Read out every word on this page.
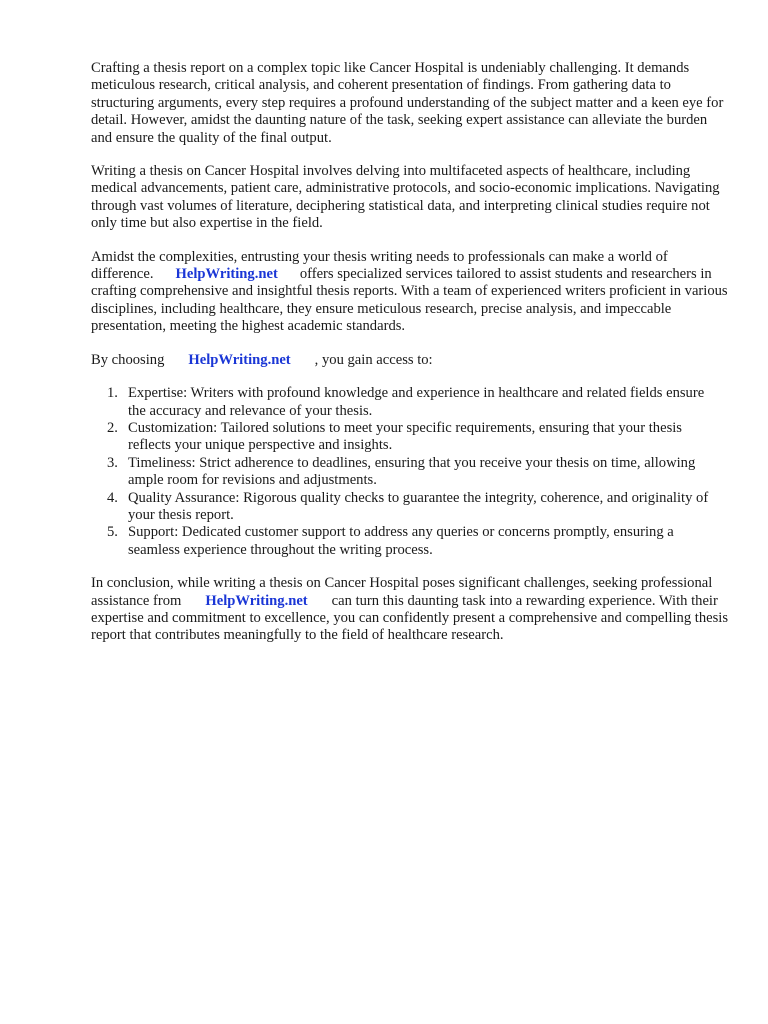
Crafting a thesis report on a complex topic like Cancer Hospital is undeniably challenging. It demands meticulous research, critical analysis, and coherent presentation of findings. From gathering data to structuring arguments, every step requires a profound understanding of the subject matter and a keen eye for detail. However, amidst the daunting nature of the task, seeking expert assistance can alleviate the burden and ensure the quality of the final output.

Writing a thesis on Cancer Hospital involves delving into multifaceted aspects of healthcare, including medical advancements, patient care, administrative protocols, and socio-economic implications. Navigating through vast volumes of literature, deciphering statistical data, and interpreting clinical studies require not only time but also expertise in the field.

Amidst the complexities, entrusting your thesis writing needs to professionals can make a world of difference. HelpWriting.net offers specialized services tailored to assist students and researchers in crafting comprehensive and insightful thesis reports. With a team of experienced writers proficient in various disciplines, including healthcare, they ensure meticulous research, precise analysis, and impeccable presentation, meeting the highest academic standards.

By choosing HelpWriting.net , you gain access to:

1. Expertise: Writers with profound knowledge and experience in healthcare and related fields ensure the accuracy and relevance of your thesis.
2. Customization: Tailored solutions to meet your specific requirements, ensuring that your thesis reflects your unique perspective and insights.
3. Timeliness: Strict adherence to deadlines, ensuring that you receive your thesis on time, allowing ample room for revisions and adjustments.
4. Quality Assurance: Rigorous quality checks to guarantee the integrity, coherence, and originality of your thesis report.
5. Support: Dedicated customer support to address any queries or concerns promptly, ensuring a seamless experience throughout the writing process.

In conclusion, while writing a thesis on Cancer Hospital poses significant challenges, seeking professional assistance from HelpWriting.net can turn this daunting task into a rewarding experience. With their expertise and commitment to excellence, you can confidently present a comprehensive and compelling thesis report that contributes meaningfully to the field of healthcare research.
